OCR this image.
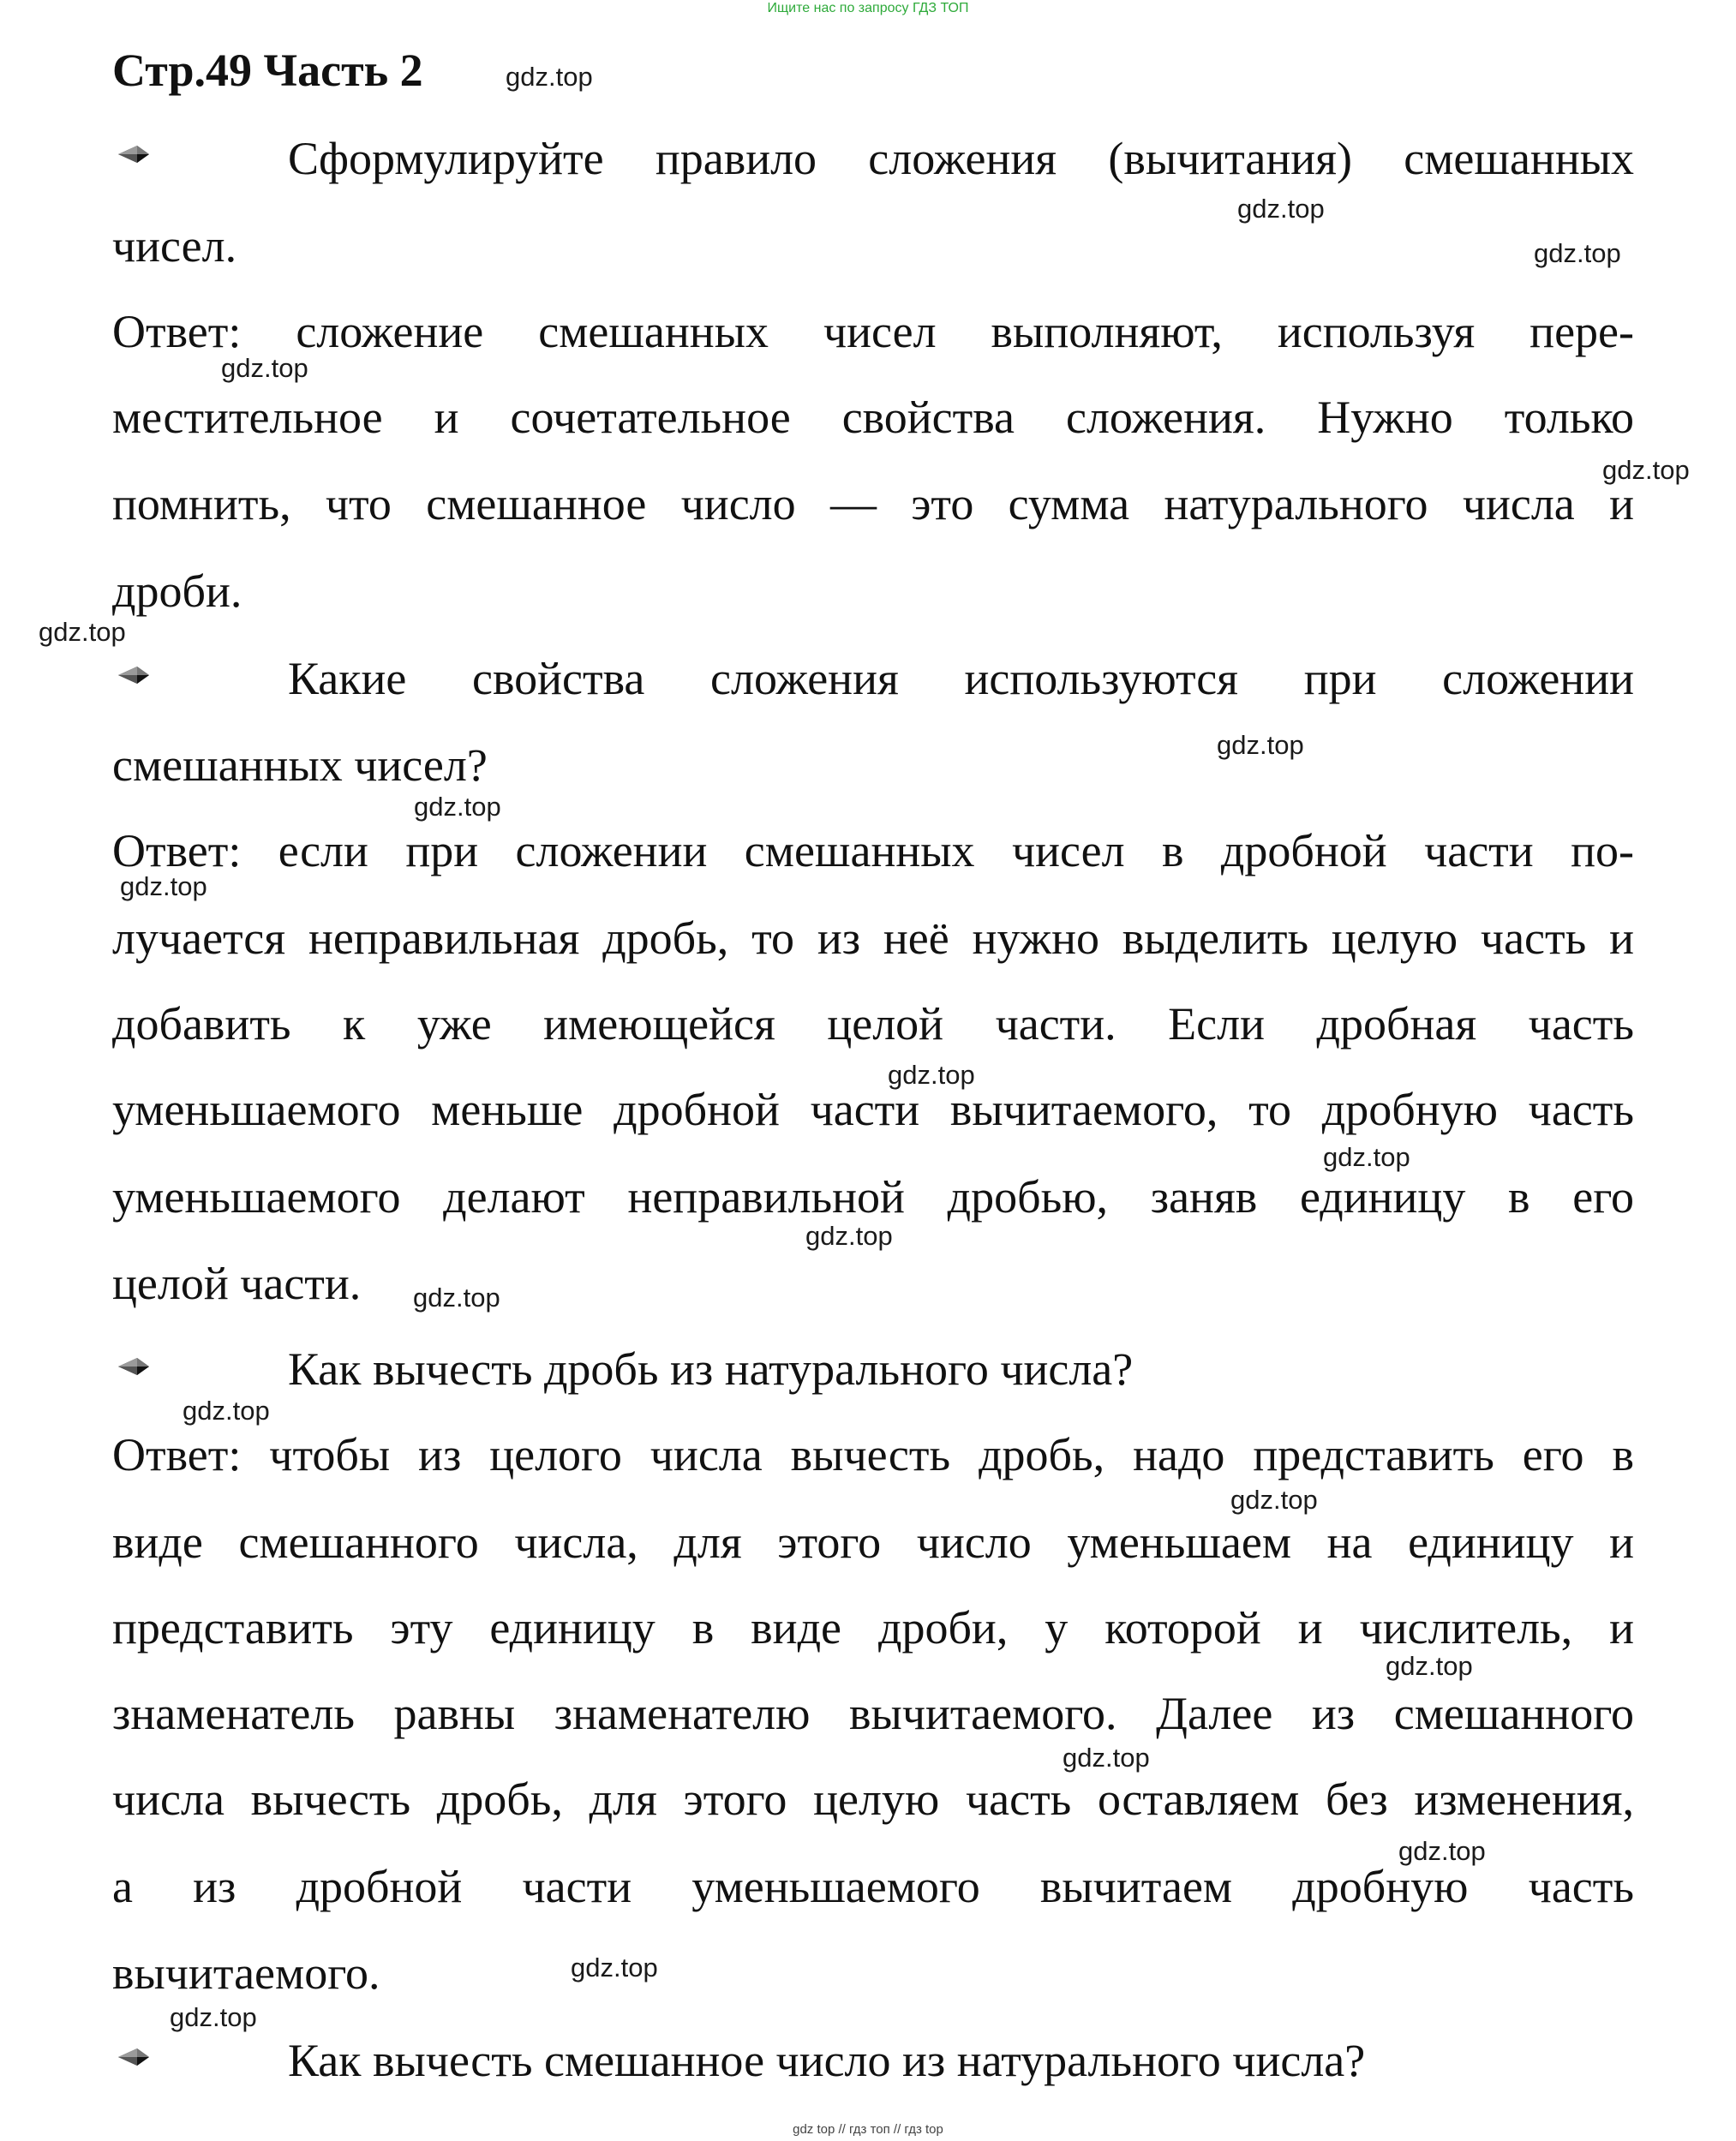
Ищите нас по запросу ГДЗ ТОП
Стр.49 Часть 2
Сформулируйте правило сложения (вычитания) смешанных
чисел.
Ответ: сложение смешанных чисел выполняют, используя пере-
местительное и сочетательное свойства сложения. Нужно только
помнить, что смешанное число — это сумма натурального числа и
дроби.
Какие свойства сложения используются при сложении
смешанных чисел?
Ответ: если при сложении смешанных чисел в дробной части по-
лучается неправильная дробь, то из неё нужно выделить целую часть и
добавить к уже имеющейся целой части. Если дробная часть
уменьшаемого меньше дробной части вычитаемого, то дробную часть
уменьшаемого делают неправильной дробью, заняв единицу в его
целой части.
Как вычесть дробь из натурального числа?
Ответ: чтобы из целого числа вычесть дробь, надо представить его в
виде смешанного числа, для этого число уменьшаем на единицу и
представить эту единицу в виде дроби, у которой и числитель, и
знаменатель равны знаменателю вычитаемого. Далее из смешанного
числа вычесть дробь, для этого целую часть оставляем без изменения,
а из дробной части уменьшаемого вычитаем дробную часть
вычитаемого.
Как вычесть смешанное число из натурального числа?
gdz.top
gdz.top
gdz.top
gdz.top
gdz.top
gdz.top
gdz.top
gdz.top
gdz.top
gdz.top
gdz.top
gdz.top
gdz.top
gdz.top
gdz.top
gdz.top
gdz.top
gdz.top
gdz.top
gdz.top
gdz top // гдз топ // гдз top
